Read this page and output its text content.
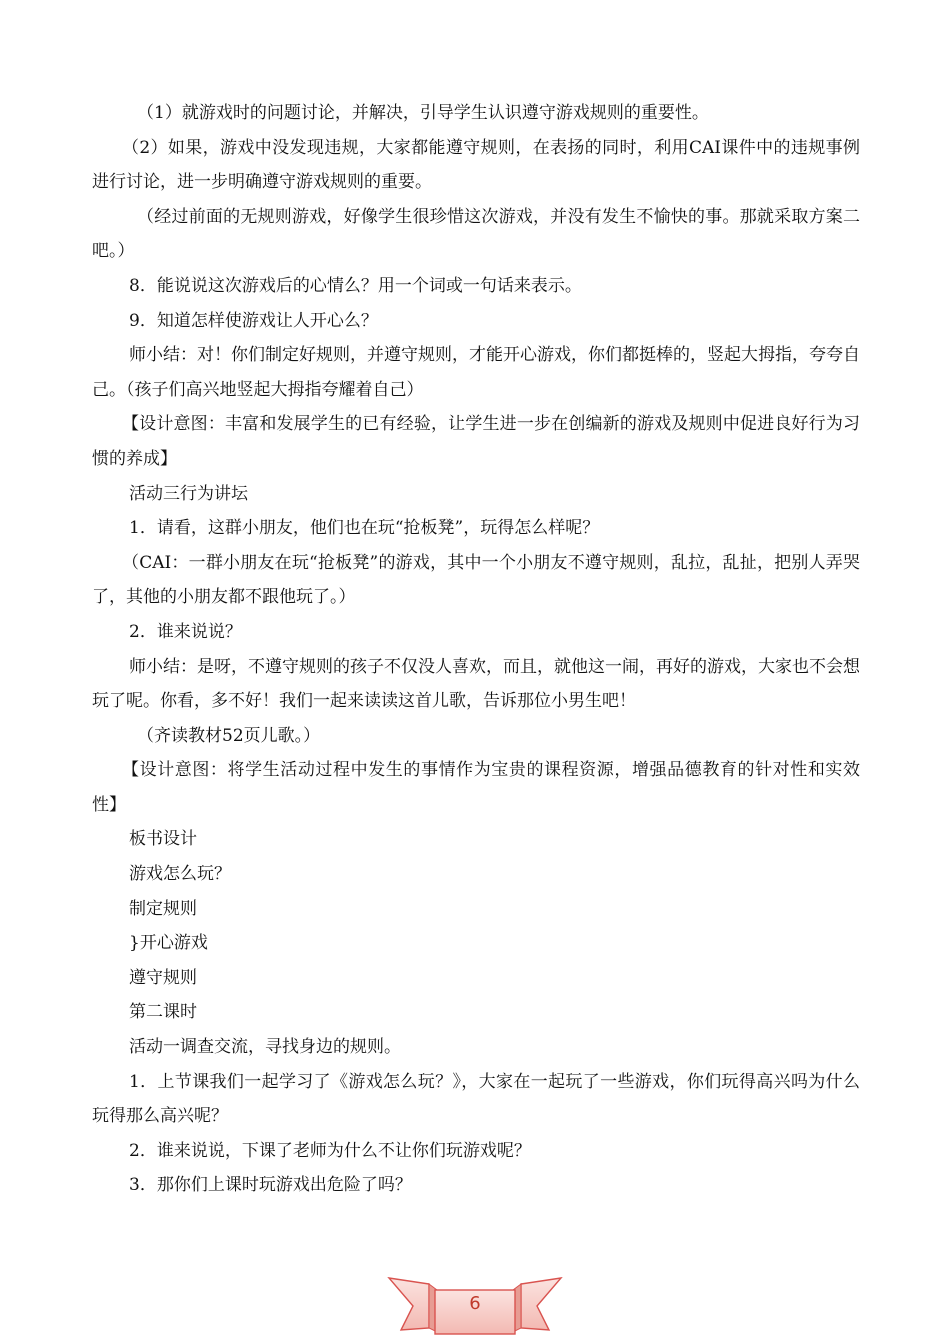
（1）就游戏时的问题讨论，并解决，引导学生认识遵守游戏规则的重要性。

（2）如果，游戏中没发现违规，大家都能遵守规则，在表扬的同时，利用CAI课件中的违规事例进行讨论，进一步明确遵守游戏规则的重要。

（经过前面的无规则游戏，好像学生很珍惜这次游戏，并没有发生不愉快的事。那就采取方案二吧。）

8．能说说这次游戏后的心情么？用一个词或一句话来表示。

9．知道怎样使游戏让人开心么？

师小结：对！你们制定好规则，并遵守规则，才能开心游戏，你们都挺棒的，竖起大拇指，夸夸自己。（孩子们高兴地竖起大拇指夸耀着自己）

【设计意图：丰富和发展学生的已有经验，让学生进一步在创编新的游戏及规则中促进良好行为习惯的养成】

活动三行为讲坛

1．请看，这群小朋友，他们也在玩“抢板凳”，玩得怎么样呢？

（CAI：一群小朋友在玩“抢板凳”的游戏，其中一个小朋友不遵守规则，乱拉，乱扯，把别人弄哭了，其他的小朋友都不跟他玩了。）

2．谁来说说？

师小结：是呀，不遵守规则的孩子不仅没人喜欢，而且，就他这一闹，再好的游戏，大家也不会想玩了呢。你看，多不好！我们一起来读读这首儿歌，告诉那位小男生吧！

（齐读教材52页儿歌。）

【设计意图：将学生活动过程中发生的事情作为宝贵的课程资源，增强品德教育的针对性和实效性】

板书设计

游戏怎么玩？

制定规则

}开心游戏

遵守规则

第二课时

活动一调查交流，寻找身边的规则。

1．上节课我们一起学习了《游戏怎么玩？》，大家在一起玩了一些游戏，你们玩得高兴吗为什么玩得那么高兴呢？

2．谁来说说，下课了老师为什么不让你们玩游戏呢？

3．那你们上课时玩游戏出危险了吗？

6
